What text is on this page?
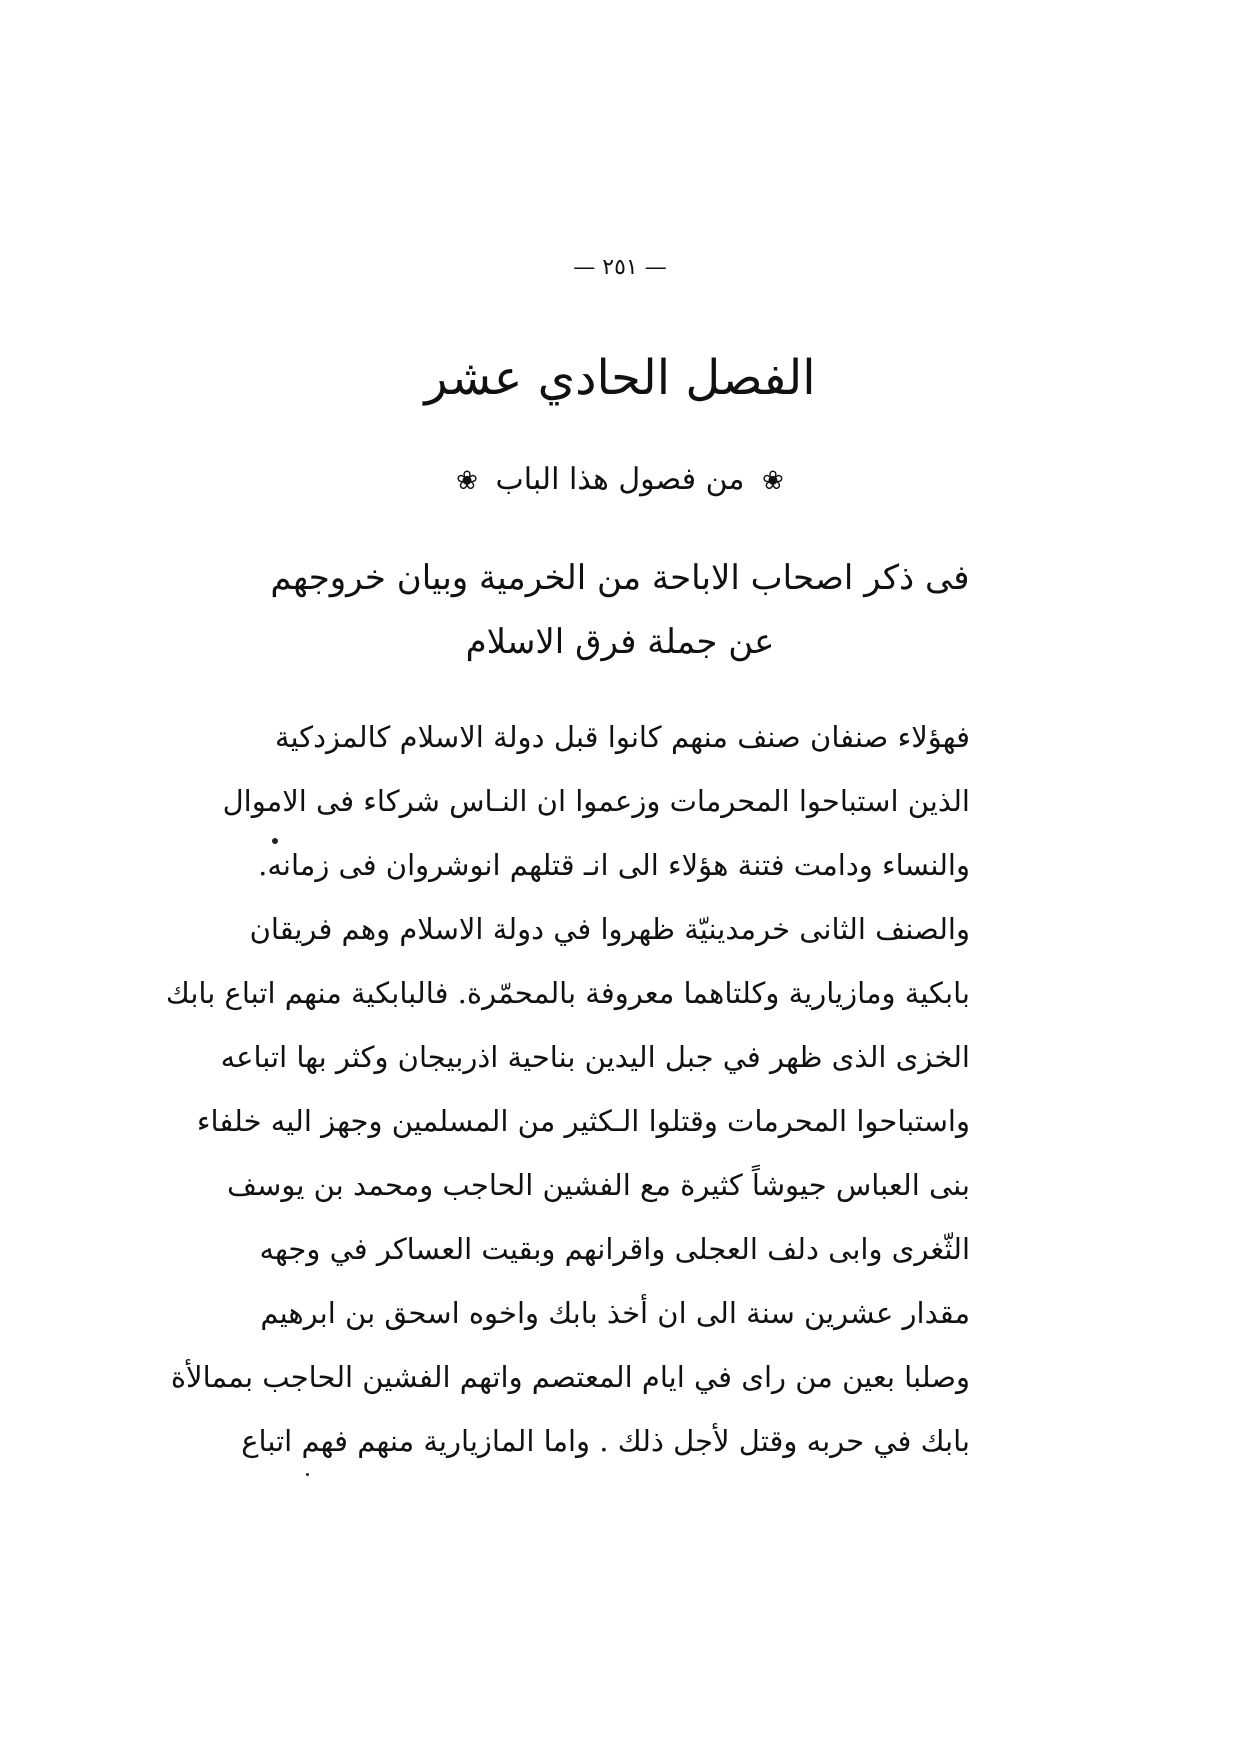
— ٢٥١ —
الفصل الحادي عشر
❀ من فصول هذا الباب ❀
فى ذكر اصحاب الاباحة من الخرمية وبيان خروجهم
عن جملة فرق الاسلام
فهؤلاء صنفان صنف منهم كانوا قبل دولة الاسلام كالمزدكية
الذين استباحوا المحرمات وزعموا ان النـاس شركاء فى الاموال
والنساء ودامت فتنة هؤلاء الى انـ قتلهم انوشروان فى زمانه.
والصنف الثانى خرمدينيّة ظهروا في دولة الاسلام وهم فريقان
بابكية ومازيارية وكلتاهما معروفة بالمحمّرة. فالبابكية منهم اتباع بابك
الخزى الذى ظهر في جبل اليدين بناحية اذربيجان وكثر بها اتباعه
واستباحوا المحرمات وقتلوا الـكثير من المسلمين وجهز اليه خلفاء
بنى العباس جيوشاً كثيرة مع الفشين الحاجب ومحمد بن يوسف
الثّغرى وابى دلف العجلى واقرانهم وبقيت العساكر في وجهه
مقدار عشرين سنة الى ان أخذ بابك واخوه اسحق بن ابرهيم
وصلبا بعين من راى في ايام المعتصم واتهم الفشين الحاجب بممالأة
بابك في حربه وقتل لأجل ذلك . واما المازيارية منهم فهم اتباع
